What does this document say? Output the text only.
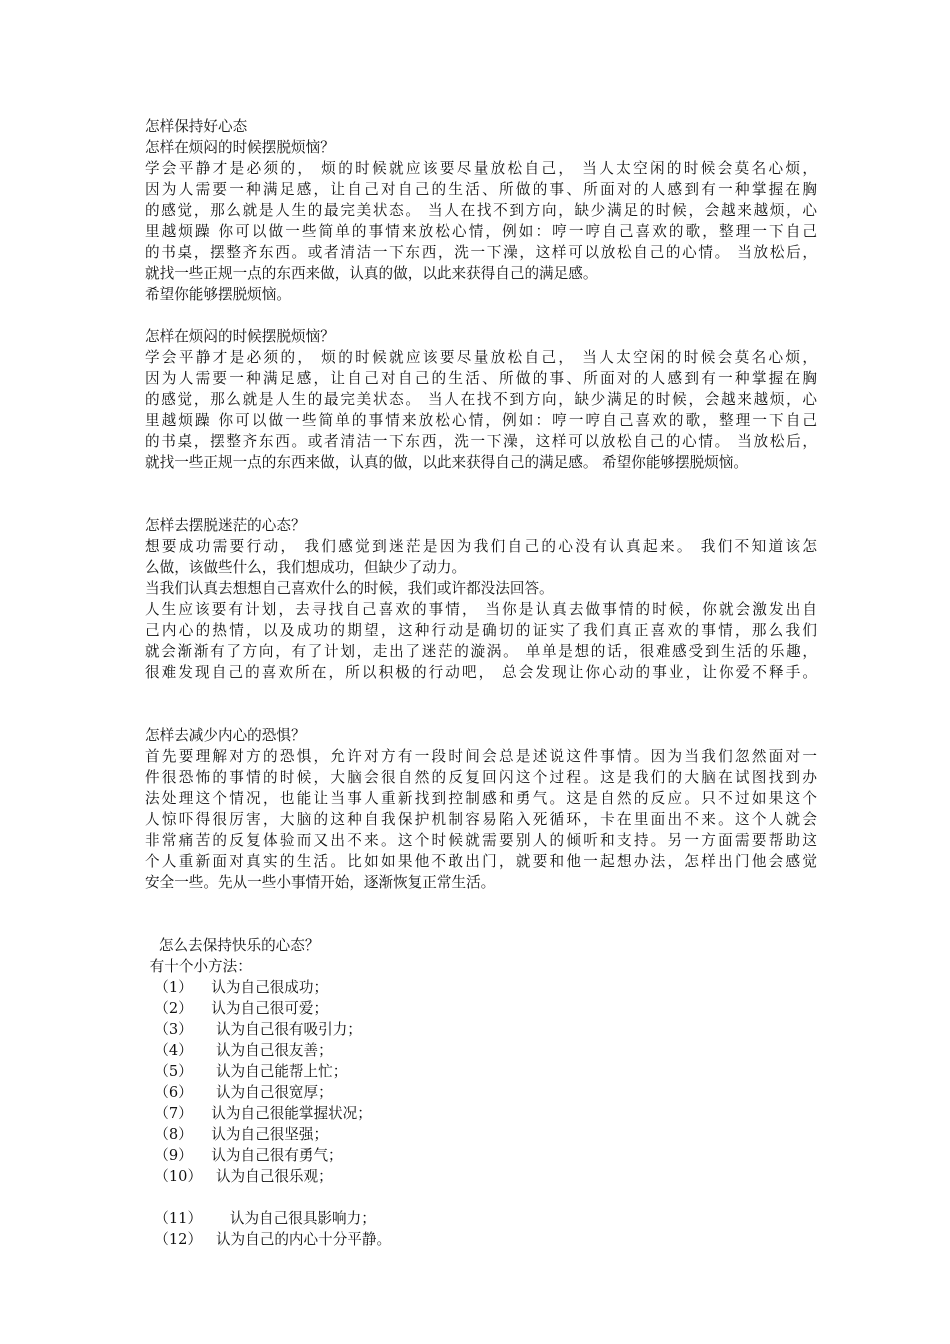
怎样保持好心态
怎样在烦闷的时候摆脱烦恼？
学会平静才是必须的， 烦的时候就应该要尽量放松自己， 当人太空闲的时候会莫名心烦，
因为人需要一种满足感，让自己对自己的生活、所做的事、所面对的人感到有一种掌握在胸
的感觉，那么就是人生的最完美状态。 当人在找不到方向，缺少满足的时候，会越来越烦，心
里越烦躁 你可以做一些简单的事情来放松心情，例如：哼一哼自己喜欢的歌，整理一下自己
的书桌，摆整齐东西。或者清洁一下东西，洗一下澡，这样可以放松自己的心情。 当放松后，
就找一些正规一点的东西来做，认真的做，以此来获得自己的满足感。
希望你能够摆脱烦恼。
怎样在烦闷的时候摆脱烦恼？
学会平静才是必须的， 烦的时候就应该要尽量放松自己， 当人太空闲的时候会莫名心烦，
因为人需要一种满足感，让自己对自己的生活、所做的事、所面对的人感到有一种掌握在胸
的感觉，那么就是人生的最完美状态。 当人在找不到方向，缺少满足的时候，会越来越烦，心
里越烦躁 你可以做一些简单的事情来放松心情，例如：哼一哼自己喜欢的歌，整理一下自己
的书桌，摆整齐东西。或者清洁一下东西，洗一下澡，这样可以放松自己的心情。 当放松后，
就找一些正规一点的东西来做，认真的做，以此来获得自己的满足感。 希望你能够摆脱烦恼。
怎样去摆脱迷茫的心态？
想要成功需要行动， 我们感觉到迷茫是因为我们自己的心没有认真起来。 我们不知道该怎
么做，该做些什么，我们想成功，但缺少了动力。
当我们认真去想想自己喜欢什么的时候，我们或许都没法回答。
人生应该要有计划，去寻找自己喜欢的事情， 当你是认真去做事情的时候，你就会激发出自
己内心的热情，以及成功的期望，这种行动是确切的证实了我们真正喜欢的事情，那么我们
就会渐渐有了方向，有了计划，走出了迷茫的漩涡。 单单是想的话，很难感受到生活的乐趣，
很难发现自己的喜欢所在，所以积极的行动吧， 总会发现让你心动的事业，让你爱不释手。
怎样去减少内心的恐惧？
首先要理解对方的恐惧，允许对方有一段时间会总是述说这件事情。因为当我们忽然面对一
件很恐怖的事情的时候，大脑会很自然的反复回闪这个过程。这是我们的大脑在试图找到办
法处理这个情况，也能让当事人重新找到控制感和勇气。这是自然的反应。只不过如果这个
人惊吓得很厉害，大脑的这种自我保护机制容易陷入死循环，卡在里面出不来。这个人就会
非常痛苦的反复体验而又出不来。这个时候就需要别人的倾听和支持。另一方面需要帮助这
个人重新面对真实的生活。比如如果他不敢出门，就要和他一起想办法，怎样出门他会感觉
安全一些。先从一些小事情开始，逐渐恢复正常生活。
怎么去保持快乐的心态？
有十个小方法：
（1）    认为自己很成功；
（2）    认为自己很可爱；
（3）     认为自己很有吸引力；
（4）     认为自己很友善；
（5）     认为自己能帮上忙；
（6）     认为自己很宽厚；
（7）    认为自己很能掌握状况；
（8）    认为自己很坚强；
（9）    认为自己很有勇气；
（10）   认为自己很乐观；
（11）      认为自己很具影响力；
（12）   认为自己的内心十分平静。
